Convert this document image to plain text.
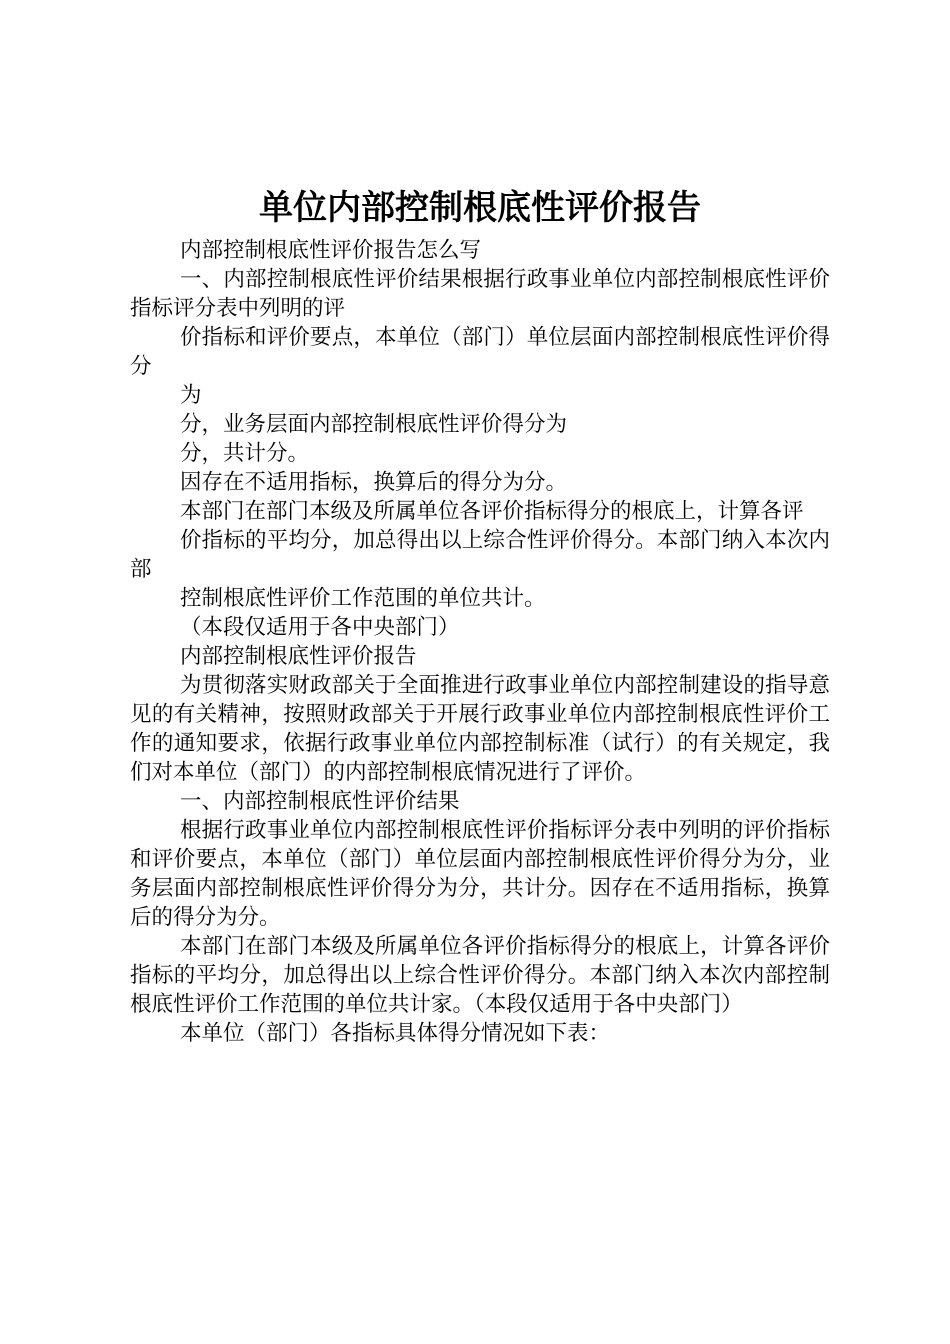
单位内部控制根底性评价报告

内部控制根底性评价报告怎么写

一、内部控制根底性评价结果根据行政事业单位内部控制根底性评价指标评分表中列明的评

价指标和评价要点，本单位（部门）单位层面内部控制根底性评价得分

为

分，业务层面内部控制根底性评价得分为

分，共计分。

因存在不适用指标，换算后的得分为分。

本部门在部门本级及所属单位各评价指标得分的根底上，计算各评

价指标的平均分，加总得出以上综合性评价得分。本部门纳入本次内部

控制根底性评价工作范围的单位共计。

（本段仅适用于各中央部门）

内部控制根底性评价报告

为贯彻落实财政部关于全面推进行政事业单位内部控制建设的指导意见的有关精神，按照财政部关于开展行政事业单位内部控制根底性评价工作的通知要求，依据行政事业单位内部控制标准（试行）的有关规定，我们对本单位（部门）的内部控制根底情况进行了评价。

一、内部控制根底性评价结果

根据行政事业单位内部控制根底性评价指标评分表中列明的评价指标和评价要点，本单位（部门）单位层面内部控制根底性评价得分为分，业务层面内部控制根底性评价得分为分，共计分。因存在不适用指标，换算后的得分为分。

本部门在部门本级及所属单位各评价指标得分的根底上，计算各评价指标的平均分，加总得出以上综合性评价得分。本部门纳入本次内部控制根底性评价工作范围的单位共计家。（本段仅适用于各中央部门）

本单位（部门）各指标具体得分情况如下表：
